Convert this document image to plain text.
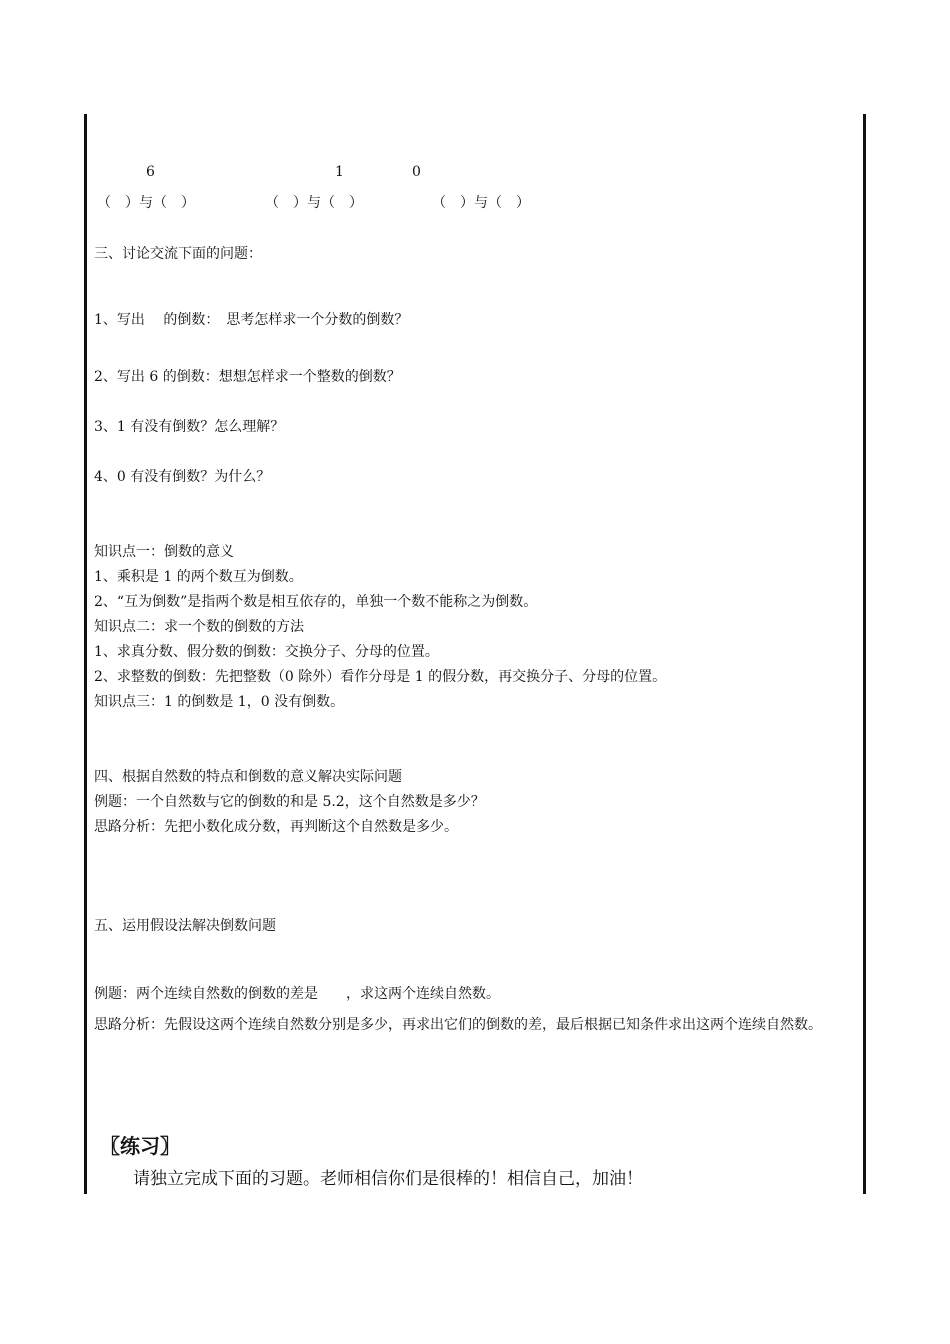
6	1	0
（　）与（　）	（　）与（　）	（　）与（　）
三、讨论交流下面的问题：
1、写出　 的倒数：　思考怎样求一个分数的倒数？
2、写出 6 的倒数：想想怎样求一个整数的倒数？
3、1 有没有倒数？怎么理解？
4、0 有没有倒数？为什么？
知识点一：倒数的意义
1、乘积是 1 的两个数互为倒数。
2、“互为倒数”是指两个数是相互依存的，单独一个数不能称之为倒数。
知识点二：求一个数的倒数的方法
1、求真分数、假分数的倒数：交换分子、分母的位置。
2、求整数的倒数：先把整数（0 除外）看作分母是 1 的假分数，再交换分子、分母的位置。
知识点三：1 的倒数是 1，0 没有倒数。
四、根据自然数的特点和倒数的意义解决实际问题
例题：一个自然数与它的倒数的和是 5.2，这个自然数是多少？
思路分析：先把小数化成分数，再判断这个自然数是多少。
五、运用假设法解决倒数问题
例题：两个连续自然数的倒数的差是　　，求这两个连续自然数。
思路分析：先假设这两个连续自然数分别是多少，再求出它们的倒数的差，最后根据已知条件求出这两个连续自然数。
〖练习〗
请独立完成下面的习题。老师相信你们是很棒的！相信自己，加油！
